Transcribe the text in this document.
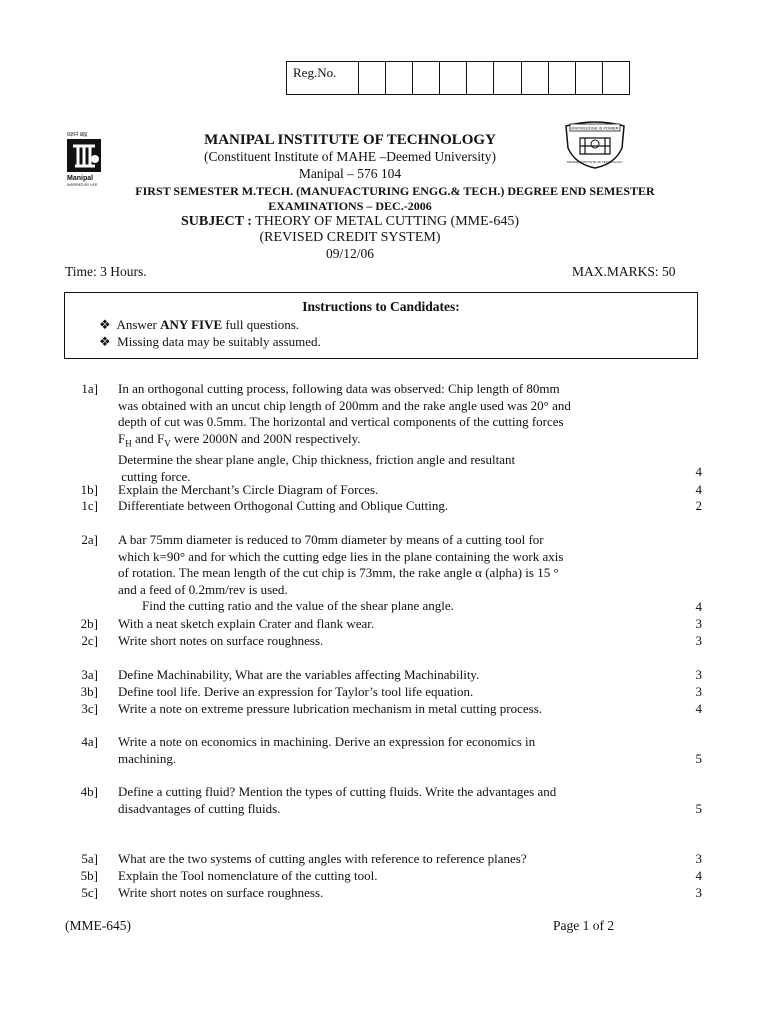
Reg.No.
प्रज्ञानं ब्रह्म
Manipal
INSPIRED BY LIFE
KNOWLEDGE IS POWER
MANIPAL INSTITUTE OF TECHNOLOGY
MANIPAL INSTITUTE OF TECHNOLOGY
(Constituent Institute of MAHE –Deemed University)
Manipal – 576 104
FIRST SEMESTER M.TECH. (MANUFACTURING ENGG.& TECH.) DEGREE END SEMESTER
EXAMINATIONS – DEC.-2006
SUBJECT : THEORY OF METAL CUTTING (MME-645)
(REVISED CREDIT SYSTEM)
09/12/06
Time: 3 Hours.	MAX.MARKS: 50
Instructions to Candidates:
❖ Answer ANY FIVE full questions.
❖ Missing data may be suitably assumed.
1a] In an orthogonal cutting process, following data was observed: Chip length of 80mm
was obtained with an uncut chip length of 200mm and the rake angle used was 20° and
depth of cut was 0.5mm. The horizontal and vertical components of the cutting forces
$F_H$ and $F_V$ were 2000N and 200N respectively.
Determine the shear plane angle, Chip thickness, friction angle and resultant
cutting force.	4
1b] Explain the Merchant’s Circle Diagram of Forces.	4
1c] Differentiate between Orthogonal Cutting and Oblique Cutting.	2
2a] A bar 75mm diameter is reduced to 70mm diameter by means of a cutting tool for
which k=90° and for which the cutting edge lies in the plane containing the work axis
of rotation. The mean length of the cut chip is 73mm, the rake angle α (alpha) is 15 °
and a feed of 0.2mm/rev is used.
Find the cutting ratio and the value of the shear plane angle.	4
2b] With a neat sketch explain Crater and flank wear.	3
2c] Write short notes on surface roughness.	3
3a] Define Machinability, What are the variables affecting Machinability.	3
3b] Define tool life. Derive an expression for Taylor’s tool life equation.	3
3c] Write a note on extreme pressure lubrication mechanism in metal cutting process.	4
4a] Write a note on economics in machining. Derive an expression for economics in
machining.	5
4b] Define a cutting fluid? Mention the types of cutting fluids. Write the advantages and
disadvantages of cutting fluids.	5
5a] What are the two systems of cutting angles with reference to reference planes?	3
5b] Explain the Tool nomenclature of the cutting tool.	4
5c] Write short notes on surface roughness.	3
(MME-645)	Page 1 of 2
